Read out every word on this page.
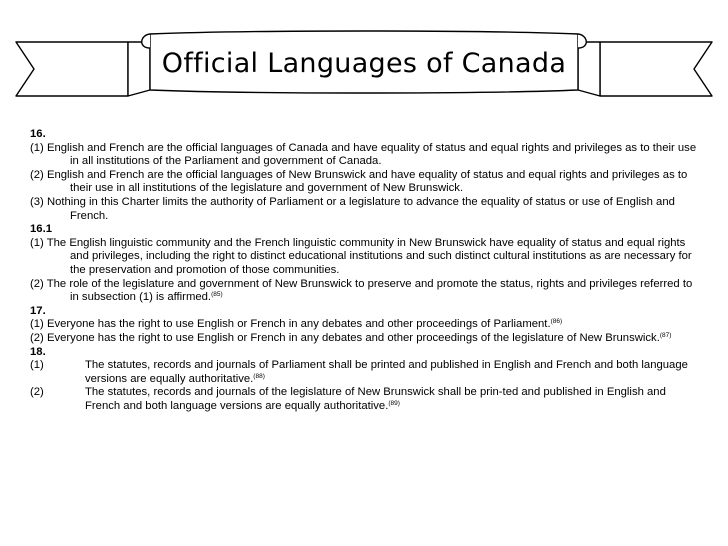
Official Languages of Canada
16.
(1) English and French are the official languages of Canada and have equality of status and equal rights and privileges as to their use in all institutions of the Parliament and government of Canada.
(2) English and French are the official languages of New Brunswick and have equality of status and equal rights and privileges as to their use in all institutions of the legislature and government of New Brunswick.
(3) Nothing in this Charter limits the authority of Parliament or a legislature to advance the equality of status or use of English and French.
16.1
(1) The English linguistic community and the French linguistic community in New Brunswick have equality of status and equal rights and privileges, including the right to distinct educational institutions and such distinct cultural institutions as are necessary for the preservation and promotion of those communities.
(2) The role of the legislature and government of New Brunswick to preserve and promote the status, rights and privileges referred to in subsection (1) is affirmed.$^{(85)}$
17.
(1) Everyone has the right to use English or French in any debates and other proceedings of Parliament.$^{(86)}$
(2) Everyone has the right to use English or French in any debates and other proceedings of the legislature of New Brunswick.$^{(87)}$
18.
(1)	The statutes, records and journals of Parliament shall be printed and published in English and French and both language versions are equally authoritative.$^{(88)}$
(2)	The statutes, records and journals of the legislature of New Brunswick shall be prin-ted and published in English and French and both language versions are equally authoritative.$^{(89)}$
